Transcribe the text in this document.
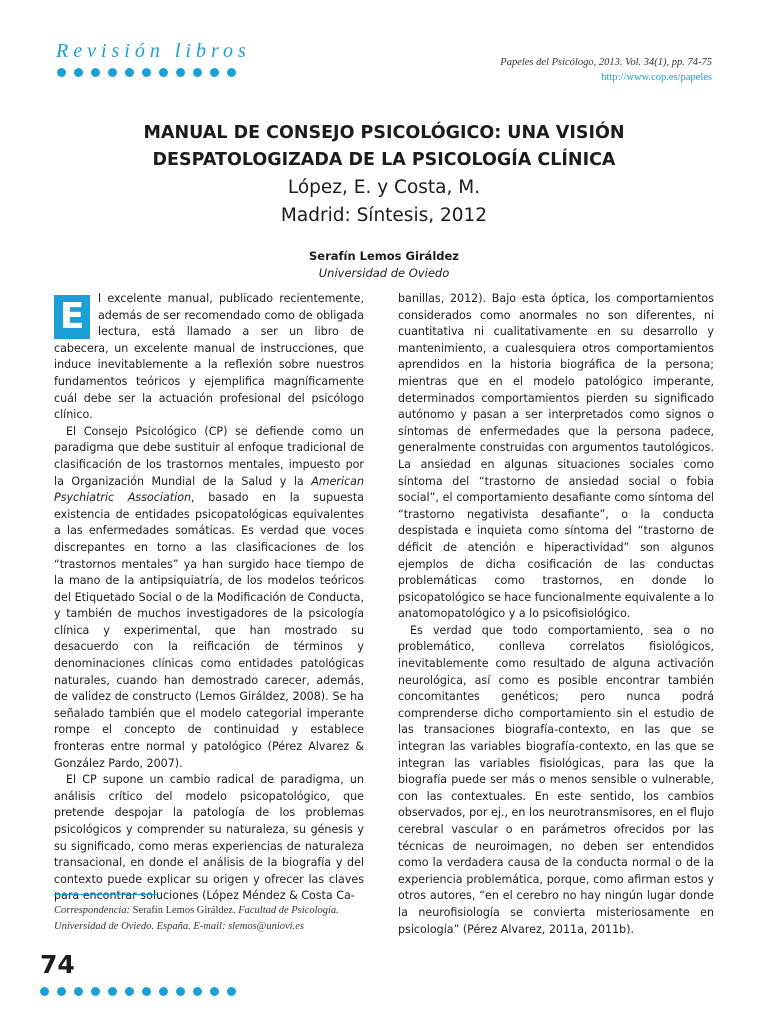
Revisión libros
Papeles del Psicólogo, 2013. Vol. 34(1), pp. 74-75
http://www.cop.es/papeles
MANUAL DE CONSEJO PSICOLÓGICO: UNA VISIÓN
DESPATOLOGIZADA DE LA PSICOLOGÍA CLÍNICA
López, E. y Costa, M.
Madrid: Síntesis, 2012
Serafín Lemos Giráldez
Universidad de Oviedo

E	l excelente manual, publicado recientemente, además de ser recomendado como de obligada lectura, está llamado a ser un libro de cabecera, un excelente manual de instrucciones, que induce inevitablemente a la reflexión sobre nuestros fundamentos teóricos y ejemplifica magníficamente cuál debe ser la actuación profesional del psicólogo clínico.

El Consejo Psicológico (CP) se defiende como un paradigma que debe sustituir al enfoque tradicional de clasificación de los trastornos mentales, impuesto por la Organización Mundial de la Salud y la American Psychiatric Association, basado en la supuesta existencia de entidades psicopatológicas equivalentes a las enfermedades somáticas. Es verdad que voces discrepantes en torno a las clasificaciones de los “trastornos mentales” ya han surgido hace tiempo de la mano de la antipsiquiatría, de los modelos teóricos del Etiquetado Social o de la Modificación de Conducta, y también de muchos investigadores de la psicología clínica y experimental, que han mostrado su desacuerdo con la reificación de términos y denominaciones clínicas como entidades patológicas naturales, cuando han demostrado carecer, además, de validez de constructo (Lemos Giráldez, 2008). Se ha señalado también que el modelo categorial imperante rompe el concepto de continuidad y establece fronteras entre normal y patológico (Pérez Alvarez & González Pardo, 2007).

El CP supone un cambio radical de paradigma, un análisis crítico del modelo psicopatológico, que pretende despojar la patología de los problemas psicológicos y comprender su naturaleza, su génesis y su significado, como meras experiencias de naturaleza transacional, en donde el análisis de la biografía y del contexto puede explicar su origen y ofrecer las claves para encontrar soluciones (López Méndez & Costa Ca-

banillas, 2012). Bajo esta óptica, los comportamientos considerados como anormales no son diferentes, ni cuantitativa ni cualitativamente en su desarrollo y mantenimiento, a cualesquiera otros comportamientos aprendidos en la historia biográfica de la persona; mientras que en el modelo patológico imperante, determinados comportamientos pierden su significado autónomo y pasan a ser interpretados como signos o síntomas de enfermedades que la persona padece, generalmente construidas con argumentos tautológicos. La ansiedad en algunas situaciones sociales como síntoma del “trastorno de ansiedad social o fobia social”, el comportamiento desafiante como síntoma del “trastorno negativista desafiante”, o la conducta despistada e inquieta como síntoma del “trastorno de déficit de atención e hiperactividad” son algunos ejemplos de dicha cosificación de las conductas problemáticas como trastornos, en donde lo psicopatológico se hace funcionalmente equivalente a lo anatomopatológico y a lo psicofisiológico.

Es verdad que todo comportamiento, sea o no problemático, conlleva correlatos fisiológicos, inevitablemente como resultado de alguna activación neurológica, así como es posible encontrar también concomitantes genéticos; pero nunca podrá comprenderse dicho comportamiento sin el estudio de las transaciones biografía-contexto, en las que se integran las variables biografía-contexto, en las que se integran las variables fisiológicas, para las que la biografía puede ser más o menos sensible o vulnerable, con las contextuales. En este sentido, los cambios observados, por ej., en los neurotransmisores, en el flujo cerebral vascular o en parámetros ofrecidos por las técnicas de neuroimagen, no deben ser entendidos como la verdadera causa de la conducta normal o de la experiencia problemática, porque, como afirman estos y otros autores, “en el cerebro no hay ningún lugar donde la neurofisiología se convierta misteriosamente en psicología” (Pérez Alvarez, 2011a, 2011b).

Correspondencia: Serafín Lemos Giráldez. Facultad de Psicología. Universidad de Oviedo. España. E-mail: slemos@uniovi.es
74
